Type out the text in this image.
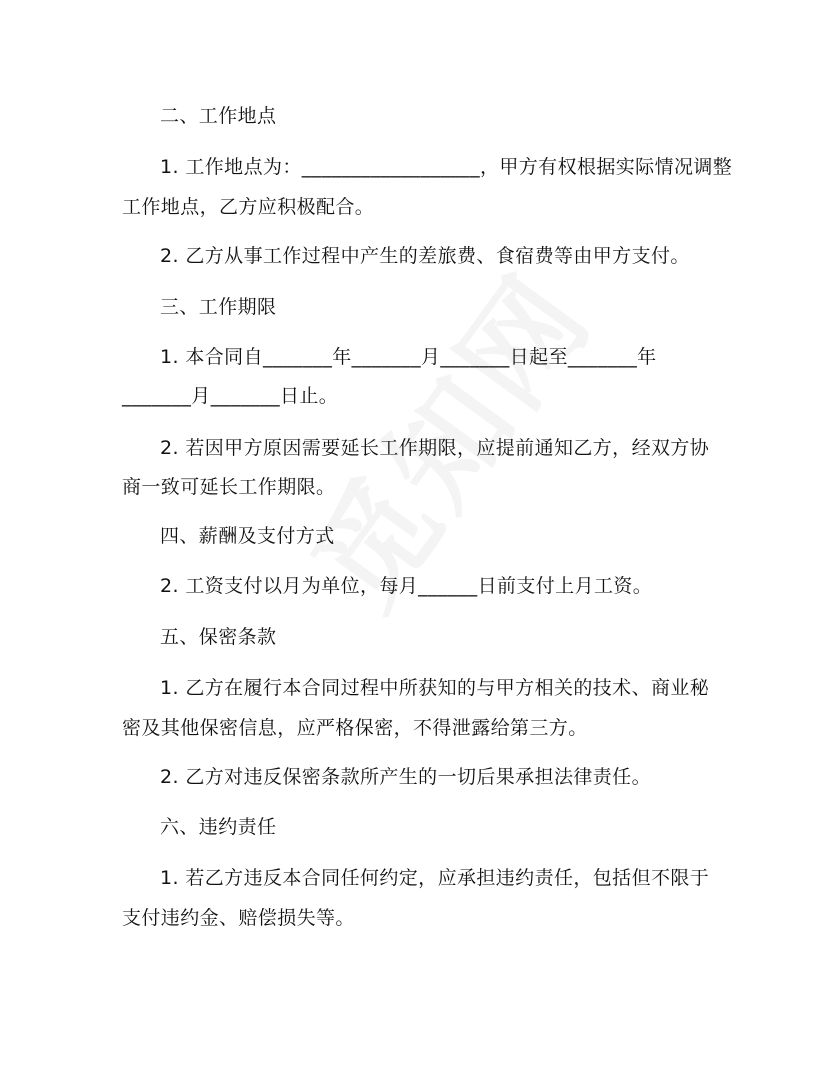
二、工作地点
1. 工作地点为：__________________，甲方有权根据实际情况调整
工作地点，乙方应积极配合。
2. 乙方从事工作过程中产生的差旅费、食宿费等由甲方支付。
三、工作期限
1. 本合同自_______年_______月_______日起至_______年
_______月_______日止。
2. 若因甲方原因需要延长工作期限，应提前通知乙方，经双方协
商一致可延长工作期限。
四、薪酬及支付方式
2. 工资支付以月为单位，每月______日前支付上月工资。
五、保密条款
1. 乙方在履行本合同过程中所获知的与甲方相关的技术、商业秘
密及其他保密信息，应严格保密，不得泄露给第三方。
2. 乙方对违反保密条款所产生的一切后果承担法律责任。
六、违约责任
1. 若乙方违反本合同任何约定，应承担违约责任，包括但不限于
支付违约金、赔偿损失等。
